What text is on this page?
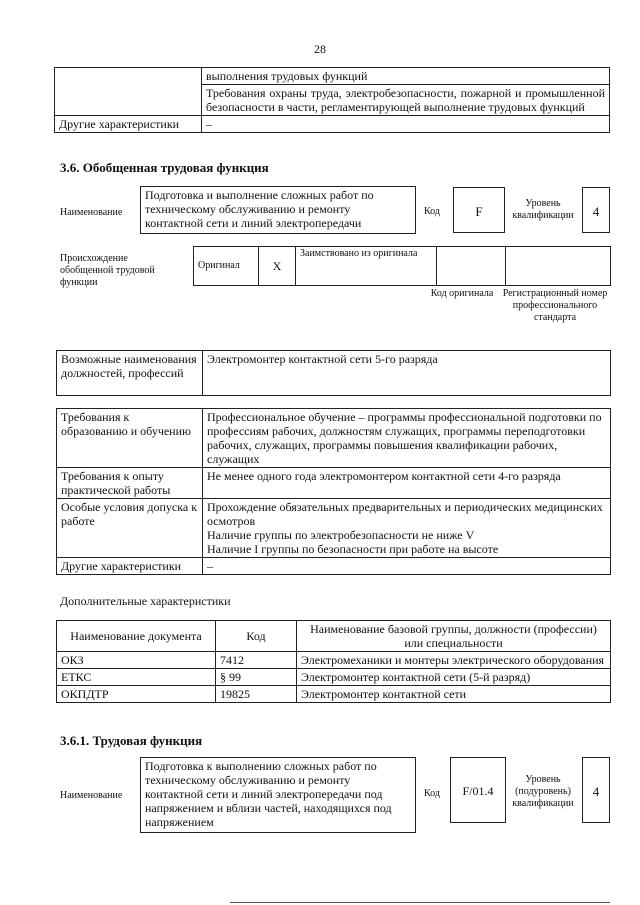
28
	выполнения трудовых функций
	Требования охраны труда, электробезопасности, пожарной и промышленной безопасности в части, регламентирующей выполнение трудовых функций
Другие характеристики	–
3.6. Обобщенная трудовая функция
Наименование
Подготовка и выполнение сложных работ по техническому обслуживанию и ремонту контактной сети и линий электропередачи
Код	F
Уровень квалификации	4
Происхождение обобщенной трудовой функции
Оригинал	X	Заимствовано из оригинала		
Код оригинала Регистрационный номер профессионального стандарта
Возможные наименования должностей, профессий	Электромонтер контактной сети 5-го разряда
Требования к образованию и обучению	Профессиональное обучение – программы профессиональной подготовки по профессиям рабочих, должностям служащих, программы переподготовки рабочих, служащих, программы повышения квалификации рабочих, служащих
Требования к опыту практической работы	Не менее одного года электромонтером контактной сети 4-го разряда
Особые условия допуска к работе	Прохождение обязательных предварительных и периодических медицинских осмотров
Наличие группы по электробезопасности не ниже V
Наличие I группы по безопасности при работе на высоте

Другие характеристики	–
Дополнительные характеристики
Наименование документа	Код	Наименование базовой группы, должности (профессии) или специальности
ОКЗ	7412	Электромеханики и монтеры электрического оборудования
ЕТКС	§ 99	Электромонтер контактной сети (5-й разряд)
ОКПДТР	19825	Электромонтер контактной сети
3.6.1. Трудовая функция
Наименование
Подготовка к выполнению сложных работ по техническому обслуживанию и ремонту контактной сети и линий электропередачи под напряжением и вблизи частей, находящихся под напряжением
Код	F/01.4
Уровень (подуровень) квалификации
4
